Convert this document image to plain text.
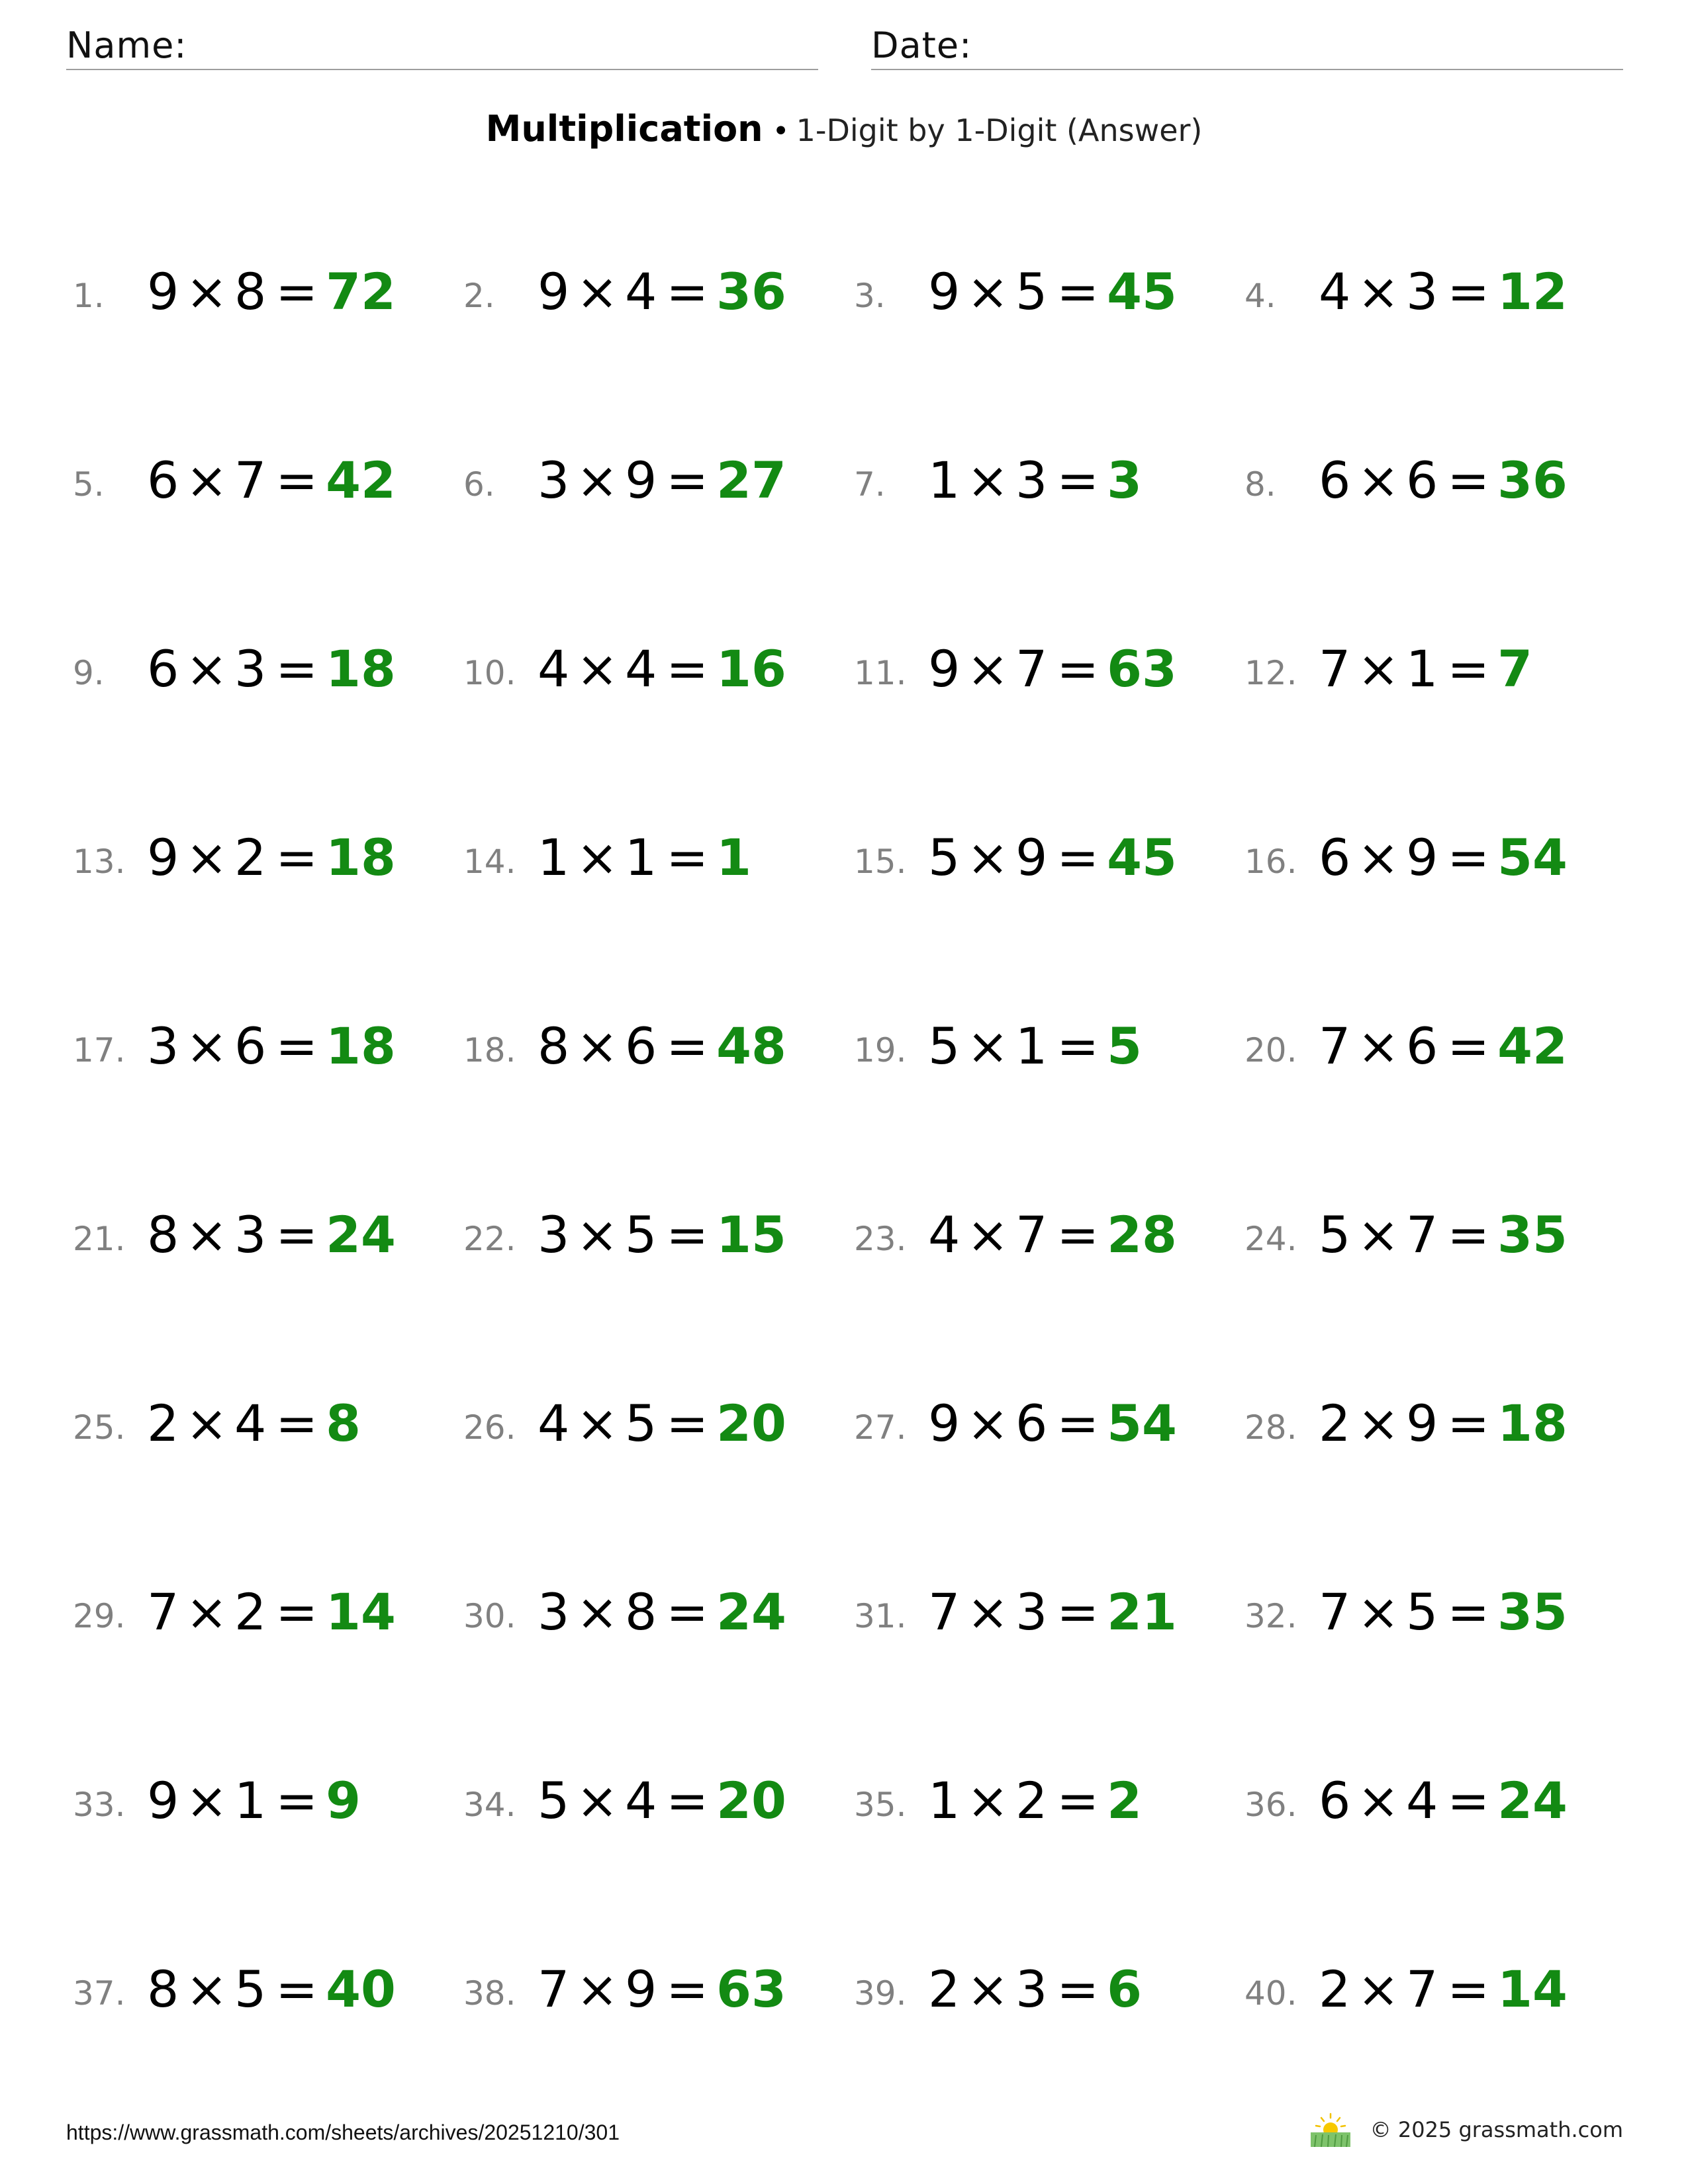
Name:	Date:
Multiplication • 1-Digit by 1-Digit (Answer)
1. 9 × 8 = 72 2. 9 × 4 = 36 3. 9 × 5 = 45 4. 4 × 3 = 12
5. 6 × 7 = 42 6. 3 × 9 = 27 7. 1 × 3 = 3	8. 6 × 6 = 36
9. 6 × 3 = 18 10. 4 × 4 = 16 11. 9 × 7 = 63 12. 7 × 1 = 7
13. 9 × 2 = 18 14. 1 × 1 = 1	15. 5 × 9 = 45 16. 6 × 9 = 54
17. 3 × 6 = 18 18. 8 × 6 = 48 19. 5 × 1 = 5	20. 7 × 6 = 42
21. 8 × 3 = 24 22. 3 × 5 = 15 23. 4 × 7 = 28 24. 5 × 7 = 35
25. 2 × 4 = 8	26. 4 × 5 = 20 27. 9 × 6 = 54 28. 2 × 9 = 18
29. 7 × 2 = 14 30. 3 × 8 = 24 31. 7 × 3 = 21 32. 7 × 5 = 35
33. 9 × 1 = 9	34. 5 × 4 = 20 35. 1 × 2 = 2	36. 6 × 4 = 24
37. 8 × 5 = 40 38. 7 × 9 = 63 39. 2 × 3 = 6	40. 2 × 7 = 14
https://www.grassmath.com/sheets/archives/20251210/301	© 2025 grassmath.com
